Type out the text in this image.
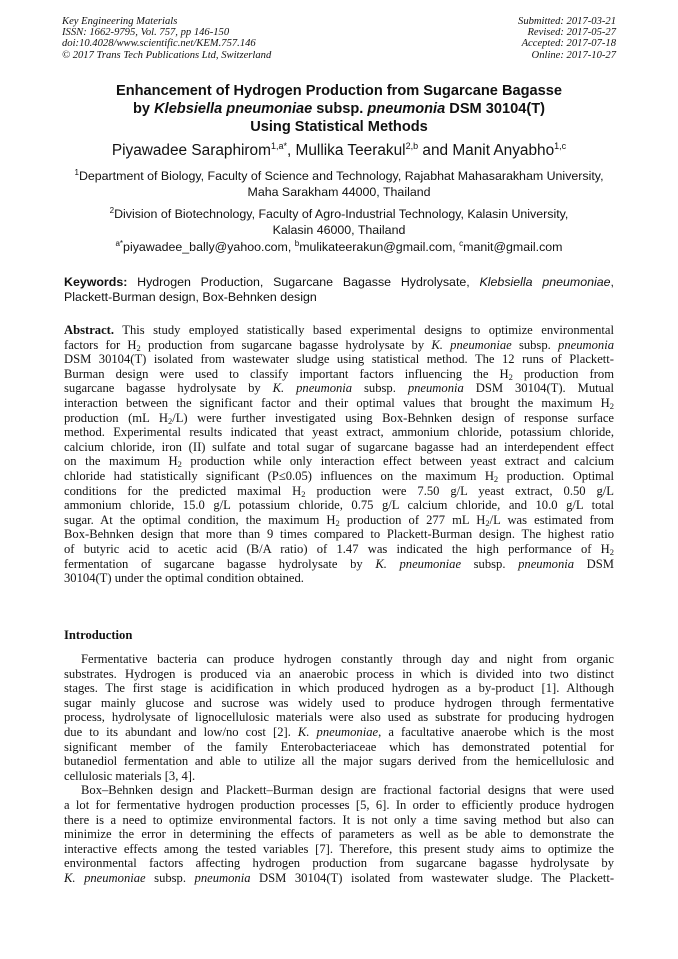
Key Engineering Materials
ISSN: 1662-9795, Vol. 757, pp 146-150
doi:10.4028/www.scientific.net/KEM.757.146
© 2017 Trans Tech Publications Ltd, Switzerland
Submitted: 2017-03-21
Revised: 2017-05-27
Accepted: 2017-07-18
Online: 2017-10-27
Enhancement of Hydrogen Production from Sugarcane Bagasse
by Klebsiella pneumoniae subsp. pneumonia DSM 30104(T)
Using Statistical Methods
Piyawadee Saraphirom$^{1,a*}$, Mullika Teerakul$^{2,b}$ and Manit Anyabho$^{1,c}$
$^1$Department of Biology, Faculty of Science and Technology, Rajabhat Mahasarakham University,
Maha Sarakham 44000, Thailand
$^2$Division of Biotechnology, Faculty of Agro-Industrial Technology, Kalasin University,
Kalasin 46000, Thailand
$^{a*}$piyawadee_bally@yahoo.com, $^b$mulikateerakun@gmail.com, $^c$manit@gmail.com
Keywords: Hydrogen Production, Sugarcane Bagasse Hydrolysate, Klebsiella pneumoniae, Plackett-Burman design, Box-Behnken design
Abstract. This study employed statistically based experimental designs to optimize environmental
factors for $H_2$ production from sugarcane bagasse hydrolysate by K. pneumoniae subsp. pneumonia
DSM 30104(T) isolated from wastewater sludge using statistical method. The 12 runs of Plackett-
Burman design were used to classify important factors influencing the $H_2$ production from
sugarcane bagasse hydrolysate by K. pneumonia subsp. pneumonia DSM 30104(T). Mutual
interaction between the significant factor and their optimal values that brought the maximum $H_2$
production (mL $H_2/L$) were further investigated using Box-Behnken design of response surface
method. Experimental results indicated that yeast extract, ammonium chloride, potassium chloride,
calcium chloride, iron (II) sulfate and total sugar of sugarcane bagasse had an interdependent effect
on the maximum $H_2$ production while only interaction effect between yeast extract and calcium
chloride had statistically significant (P≤0.05) influences on the maximum $H_2$ production. Optimal
conditions for the predicted maximal $H_2$ production were 7.50 g/L yeast extract, 0.50 g/L
ammonium chloride, 15.0 g/L potassium chloride, 0.75 g/L calcium chloride, and 10.0 g/L total
sugar. At the optimal condition, the maximum $H_2$ production of 277 mL $H_2/L$ was estimated from
Box-Behnken design that more than 9 times compared to Plackett-Burman design. The highest ratio
of butyric acid to acetic acid (B/A ratio) of 1.47 was indicated the high performance of $H_2$
fermentation of sugarcane bagasse hydrolysate by K. pneumoniae subsp. pneumonia DSM
30104(T) under the optimal condition obtained.
Introduction
Fermentative bacteria can produce hydrogen constantly through day and night from organic
substrates. Hydrogen is produced via an anaerobic process in which is divided into two distinct
stages. The first stage is acidification in which produced hydrogen as a by-product [1]. Although
sugar mainly glucose and sucrose was widely used to produce hydrogen through fermentative
process, hydrolysate of lignocellulosic materials were also used as substrate for producing hydrogen
due to its abundant and low/no cost [2]. K. pneumoniae, a facultative anaerobe which is the most
significant member of the family Enterobacteriaceae which has demonstrated potential for
butanediol fermentation and able to utilize all the major sugars derived from the hemicellulosic and
cellulosic materials [3, 4].
Box–Behnken design and Plackett–Burman design are fractional factorial designs that were used
a lot for fermentative hydrogen production processes [5, 6]. In order to efficiently produce hydrogen
there is a need to optimize environmental factors. It is not only a time saving method but also can
minimize the error in determining the effects of parameters as well as be able to demonstrate the
interactive effects among the tested variables [7]. Therefore, this present study aims to optimize the
environmental factors affecting hydrogen production from sugarcane bagasse hydrolysate by
K. pneumoniae subsp. pneumonia DSM 30104(T) isolated from wastewater sludge. The Plackett-
